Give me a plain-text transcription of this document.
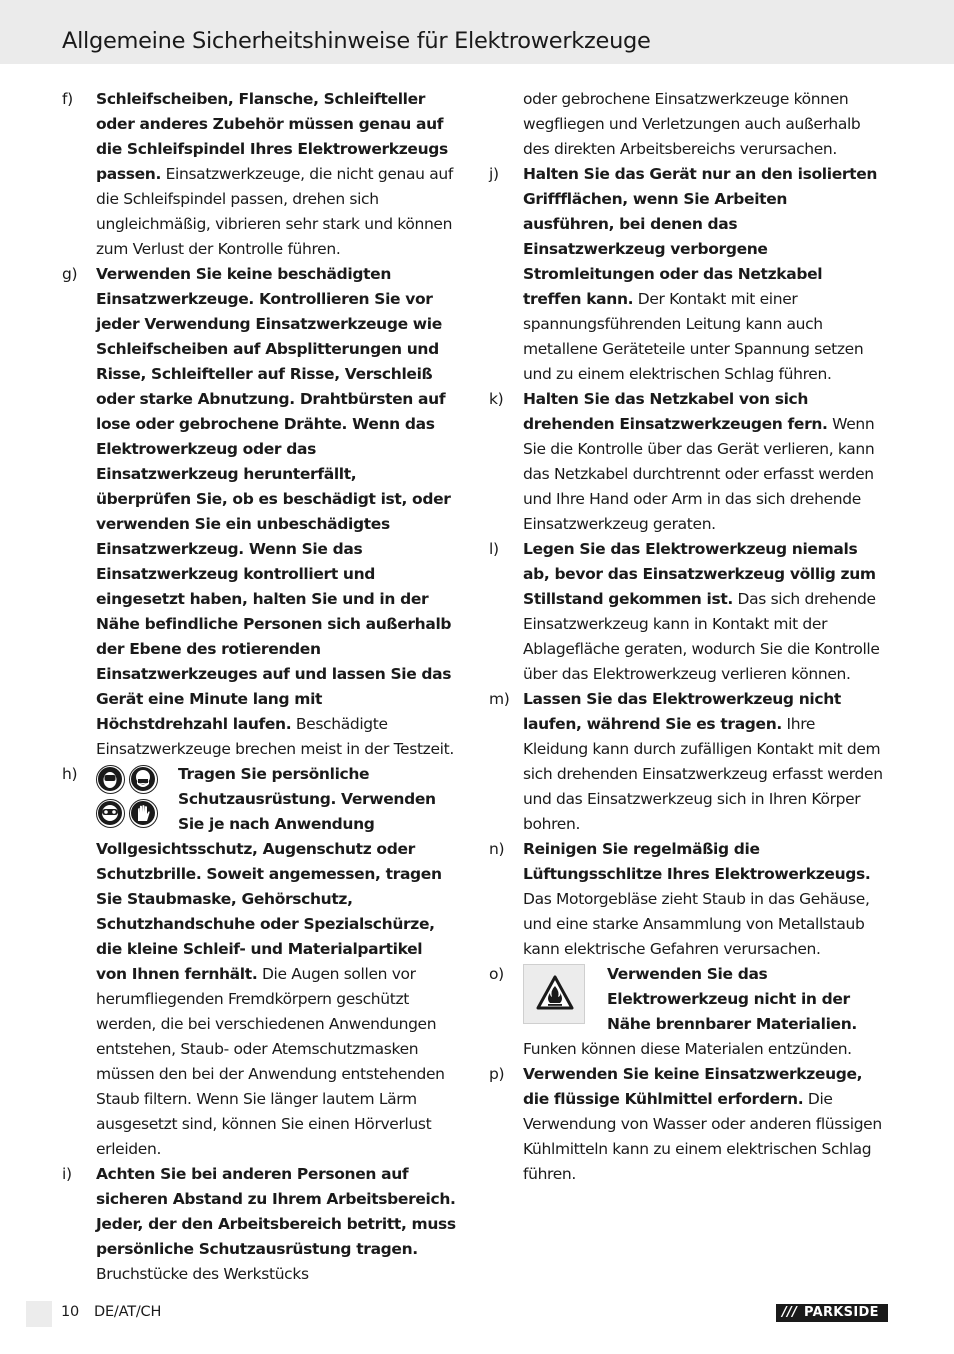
Allgemeine Sicherheitshinweise für Elektrowerkzeuge
f) Schleifscheiben, Flansche, Schleifteller oder anderes Zubehör müssen genau auf die Schleifspindel Ihres Elektrowerkzeugs passen. Einsatzwerkzeuge, die nicht genau auf die Schleifspindel passen, drehen sich ungleichmäßig, vibrieren sehr stark und können zum Verlust der Kontrolle führen.

g) Verwenden Sie keine beschädigten Einsatzwerkzeuge. Kontrollieren Sie vor jeder Verwendung Einsatzwerkzeuge wie Schleifscheiben auf Absplitterungen und Risse, Schleifteller auf Risse, Verschleiß oder starke Abnutzung. Drahtbürsten auf lose oder gebrochene Drähte. Wenn das Elektrowerkzeug oder das Einsatzwerkzeug herunterfällt, überprüfen Sie, ob es beschädigt ist, oder verwenden Sie ein unbeschädigtes Einsatzwerkzeug. Wenn Sie das Einsatzwerkzeug kontrolliert und eingesetzt haben, halten Sie und in der Nähe befindliche Personen sich außerhalb der Ebene des rotierenden Einsatzwerkzeuges auf und lassen Sie das Gerät eine Minute lang mit Höchstdrehzahl laufen. Beschädigte Einsatzwerkzeuge brechen meist in der Testzeit.

h)	Tragen Sie persönliche Schutzausrüstung. Verwenden Sie je nach Anwendung Vollgesichtsschutz, Augenschutz oder Schutzbrille. Soweit angemessen, tragen Sie Staubmaske, Gehörschutz, Schutzhandschuhe oder Spezialschürze, die kleine Schleif- und Materialpartikel von Ihnen fernhält. Die Augen sollen vor herumfliegenden Fremdkörpern geschützt werden, die bei verschiedenen Anwendungen entstehen, Staub- oder Atemschutzmasken müssen den bei der Anwendung entstehenden Staub filtern. Wenn Sie länger lautem Lärm ausgesetzt sind, können Sie einen Hörverlust erleiden.

i) Achten Sie bei anderen Personen auf sicheren Abstand zu Ihrem Arbeitsbereich. Jeder, der den Arbeitsbereich betritt, muss persönliche Schutzausrüstung tragen. Bruchstücke des Werkstücks

oder gebrochene Einsatzwerkzeuge können wegfliegen und Verletzungen auch außerhalb des direkten Arbeitsbereichs verursachen.

j) Halten Sie das Gerät nur an den isolierten Griffflächen, wenn Sie Arbeiten ausführen, bei denen das Einsatzwerkzeug verborgene Stromleitungen oder das Netzkabel treffen kann. Der Kontakt mit einer spannungsführenden Leitung kann auch metallene Geräteteile unter Spannung setzen und zu einem elektrischen Schlag führen.

k) Halten Sie das Netzkabel von sich drehenden Einsatzwerkzeugen fern. Wenn Sie die Kontrolle über das Gerät verlieren, kann das Netzkabel durchtrennt oder erfasst werden und Ihre Hand oder Arm in das sich drehende Einsatzwerkzeug geraten.

l) Legen Sie das Elektrowerkzeug niemals ab, bevor das Einsatzwerkzeug völlig zum Stillstand gekommen ist. Das sich drehende Einsatzwerkzeug kann in Kontakt mit der Ablagefläche geraten, wodurch Sie die Kontrolle über das Elektrowerkzeug verlieren können.

m) Lassen Sie das Elektrowerkzeug nicht laufen, während Sie es tragen. Ihre Kleidung kann durch zufälligen Kontakt mit dem sich drehenden Einsatzwerkzeug erfasst werden und das Einsatzwerkzeug sich in Ihren Körper bohren.

n) Reinigen Sie regelmäßig die Lüftungsschlitze Ihres Elektrowerkzeugs. Das Motorgebläse zieht Staub in das Gehäuse, und eine starke Ansammlung von Metallstaub kann elektrische Gefahren verursachen.

o)	Verwenden Sie das Elektrowerkzeug nicht in der Nähe brennbarer Materialien.

Funken können diese Materialen entzünden.

p) Verwenden Sie keine Einsatzwerkzeuge, die flüssige Kühlmittel erfordern. Die Verwendung von Wasser oder anderen flüssigen Kühlmitteln kann zu einem elektrischen Schlag führen.

10 DE/AT/CH	/// PARKSIDE
